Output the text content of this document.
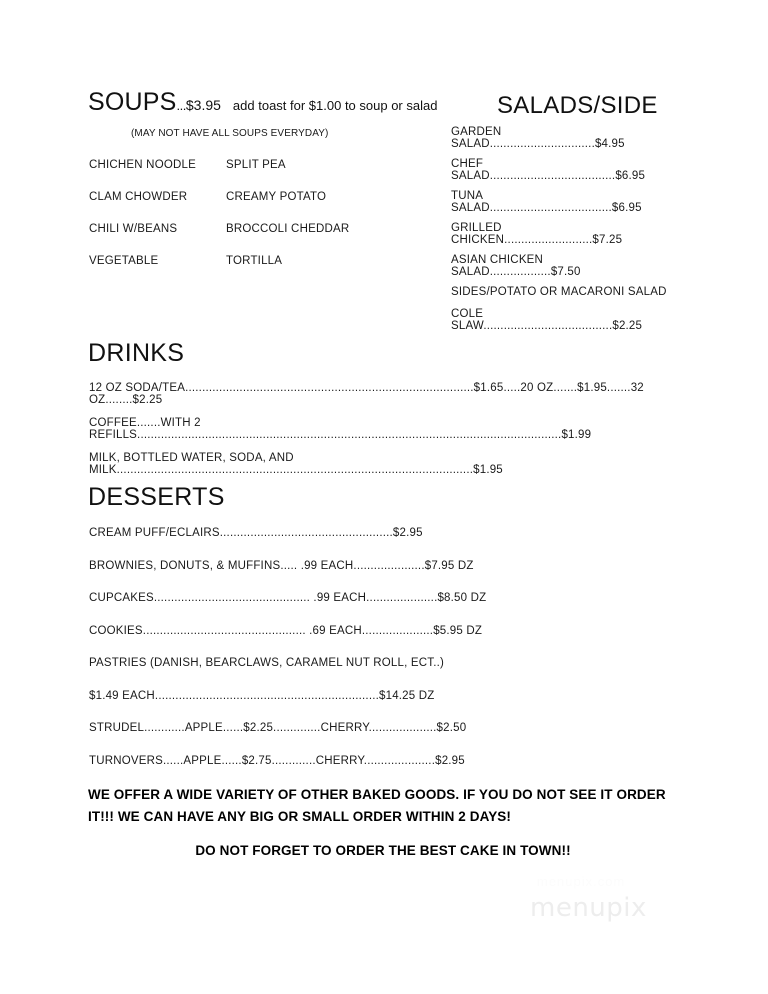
SOUPS ... $3.95 add toast for $1.00 to soup or salad
(MAY NOT HAVE ALL SOUPS EVERYDAY)
CHICHEN NOODLE	SPLIT PEA
CLAM CHOWDER	CREAMY POTATO
CHILI W/BEANS	BROCCOLI CHEDDAR
VEGETABLE	TORTILLA
SALADS/SIDE
GARDEN SALAD...............................$4.95
CHEF SALAD.....................................$6.95
TUNA SALAD....................................$6.95
GRILLED CHICKEN..........................$7.25
ASIAN CHICKEN SALAD..................$7.50
SIDES/POTATO OR MACARONI SALAD
COLE SLAW......................................$2.25
DRINKS
12 OZ SODA/TEA.....................................................................................$1.65.....20 OZ.......$1.95.......32 OZ........$2.25
COFFEE.......WITH 2 REFILLS.............................................................................................................................$1.99
MILK, BOTTLED WATER, SODA, AND MILK.........................................................................................................$1.95
DESSERTS
CREAM PUFF/ECLAIRS...................................................$2.95
BROWNIES, DONUTS, & MUFFINS..... .99 EACH.....................$7.95 DZ
CUPCAKES.............................................. .99 EACH.....................$8.50 DZ
COOKIES................................................ .69 EACH.....................$5.95 DZ
PASTRIES (DANISH, BEARCLAWS, CARAMEL NUT ROLL, ECT..)
$1.49 EACH..................................................................$14.25 DZ
STRUDEL............APPLE......$2.25..............CHERRY....................$2.50
TURNOVERS......APPLE......$2.75.............CHERRY.....................$2.95
WE OFFER A WIDE VARIETY OF OTHER BAKED GOODS. IF YOU DO NOT SEE IT ORDER IT!!! WE CAN HAVE ANY BIG OR SMALL ORDER WITHIN 2 DAYS!
DO NOT FORGET TO ORDER THE BEST CAKE IN TOWN!!
menupix.com
menupix
